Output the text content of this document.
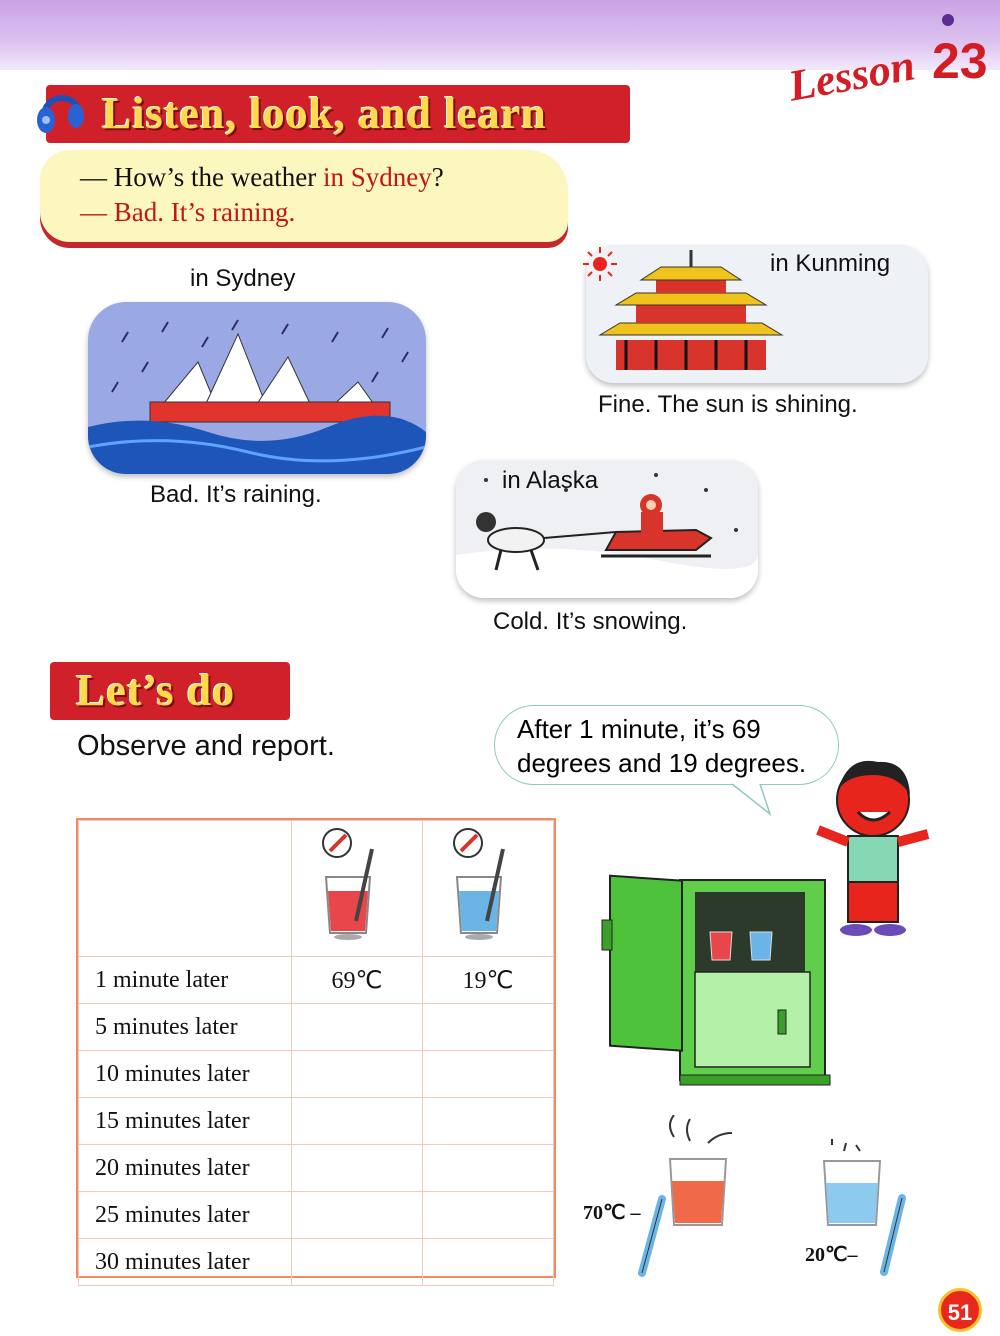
Lesson 23
Listen, look, and learn
— How’s the weather in Sydney?
— Bad. It’s raining.
in Sydney
Bad. It’s raining.
in Kunming
Fine. The sun is shining.
in Alaska
Cold. It’s snowing.
Let’s do
Observe and report.
After 1 minute, it’s 69
degrees and 19 degrees.

1 minute later	69℃	19℃
5 minutes later		
10 minutes later		
15 minutes later		
20 minutes later		
25 minutes later		
30 minutes later		
70℃ –
20℃–
51
